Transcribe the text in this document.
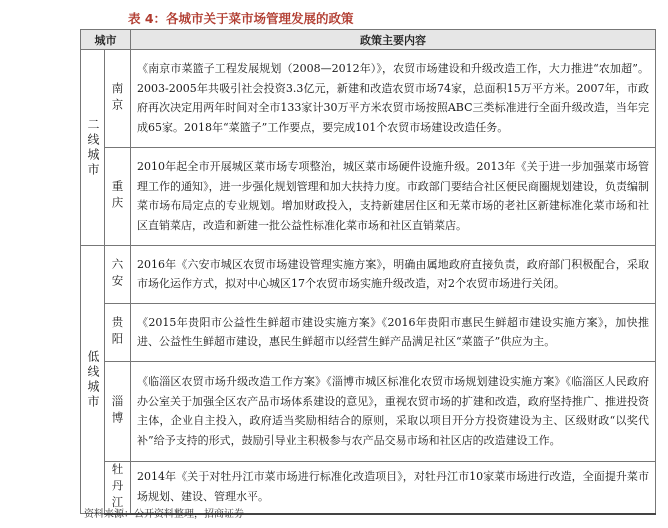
表 4：各城市关于菜市场管理发展的政策
城市		政策主要内容
二线城市	南京	《南京市菜篮子工程发展规划（2008—2012年）》，农贸市场建设和升级改造工作，大力推进“农加超”。2003-2005年共吸引社会投资3.3亿元，新建和改造农贸市场74家，总面积15万平方米。2007年，市政府再次决定用两年时间对全市133家计30万平方米农贸市场按照ABC三类标准进行全面升级改造，当年完成65家。2018年“菜篮子”工作要点，要完成101个农贸市场建设改造任务。
	重庆	2010年起全市开展城区菜市场专项整治，城区菜市场硬件设施升级。2013年《关于进一步加强菜市场管理工作的通知》，进一步强化规划管理和加大扶持力度。市政部门要结合社区便民商圈规划建设，负责编制菜市场布局定点的专业规划。增加财政投入，支持新建居住区和无菜市场的老社区新建标准化菜市场和社区直销菜店，改造和新建一批公益性标准化菜市场和社区直销菜店。
低线城市	六安	2016年《六安市城区农贸市场建设管理实施方案》，明确由属地政府直接负责，政府部门积极配合，采取市场化运作方式，拟对中心城区17个农贸市场实施升级改造，对2个农贸市场进行关闭。
	贵阳	《2015年贵阳市公益性生鲜超市建设实施方案》《2016年贵阳市惠民生鲜超市建设实施方案》，加快推进、公益性生鲜超市建设，惠民生鲜超市以经营生鲜产品满足社区“菜篮子”供应为主。
	淄博	《临淄区农贸市场升级改造工作方案》《淄博市城区标准化农贸市场规划建设实施方案》《临淄区人民政府办公室关于加强全区农产品市场体系建设的意见》，重视农贸市场的扩建和改造，政府坚持推广、推进投资主体，企业自主投入，政府适当奖励相结合的原则，采取以项目开分方投资建设为主、区级财政“以奖代补”给予支持的形式，鼓励引导业主积极参与农产品交易市场和社区店的改造建设工作。
	牡丹江	2014年《关于对牡丹江市菜市场进行标准化改造项目》，对牡丹江市10家菜市场进行改造，全面提升菜市场规划、建设、管理水平。
资料来源：公开资料整理，招商证券
